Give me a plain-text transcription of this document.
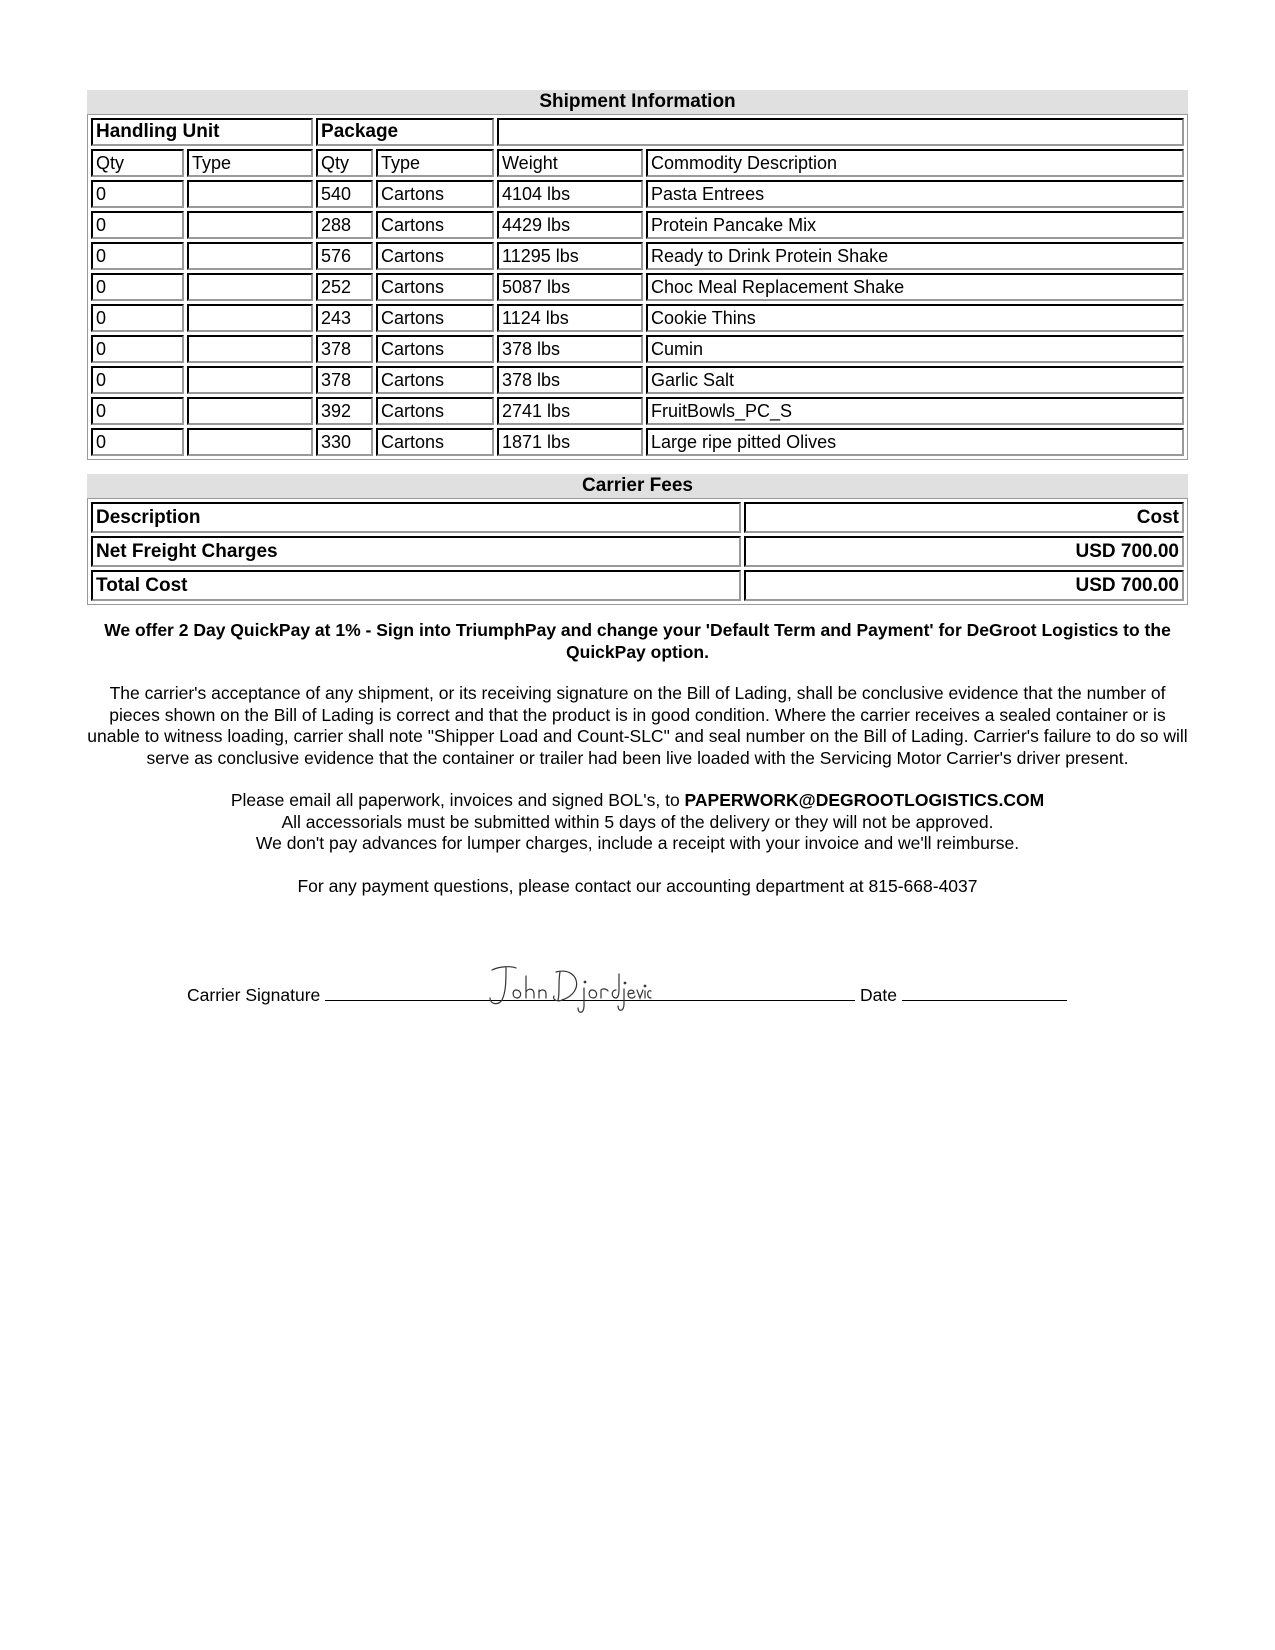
Shipment Information
Handling Unit		Package			
Qty	Type	Qty	Type	Weight	Commodity Description
0		540	Cartons	4104 lbs	Pasta Entrees
0		288	Cartons	4429 lbs	Protein Pancake Mix
0		576	Cartons	11295 lbs	Ready to Drink Protein Shake
0		252	Cartons	5087 lbs	Choc Meal Replacement Shake
0		243	Cartons	1124 lbs	Cookie Thins
0		378	Cartons	378 lbs	Cumin
0		378	Cartons	378 lbs	Garlic Salt
0		392	Cartons	2741 lbs	FruitBowls_PC_S
0		330	Cartons	1871 lbs	Large ripe pitted Olives
Carrier Fees
Description	Cost
Net Freight Charges	USD 700.00
Total Cost	USD 700.00
We offer 2 Day QuickPay at 1% - Sign into TriumphPay and change your 'Default Term and Payment' for DeGroot Logistics to the QuickPay option.
The carrier's acceptance of any shipment, or its receiving signature on the Bill of Lading, shall be conclusive evidence that the number of pieces shown on the Bill of Lading is correct and that the product is in good condition. Where the carrier receives a sealed container or is unable to witness loading, carrier shall note "Shipper Load and Count-SLC" and seal number on the Bill of Lading. Carrier's failure to do so will serve as conclusive evidence that the container or trailer had been live loaded with the Servicing Motor Carrier's driver present.
Please email all paperwork, invoices and signed BOL's, to PAPERWORK@DEGROOTLOGISTICS.COM
All accessorials must be submitted within 5 days of the delivery or they will not be approved.
We don't pay advances for lumper charges, include a receipt with your invoice and we'll reimburse.
For any payment questions, please contact our accounting department at 815-668-4037
Carrier Signature	Date
